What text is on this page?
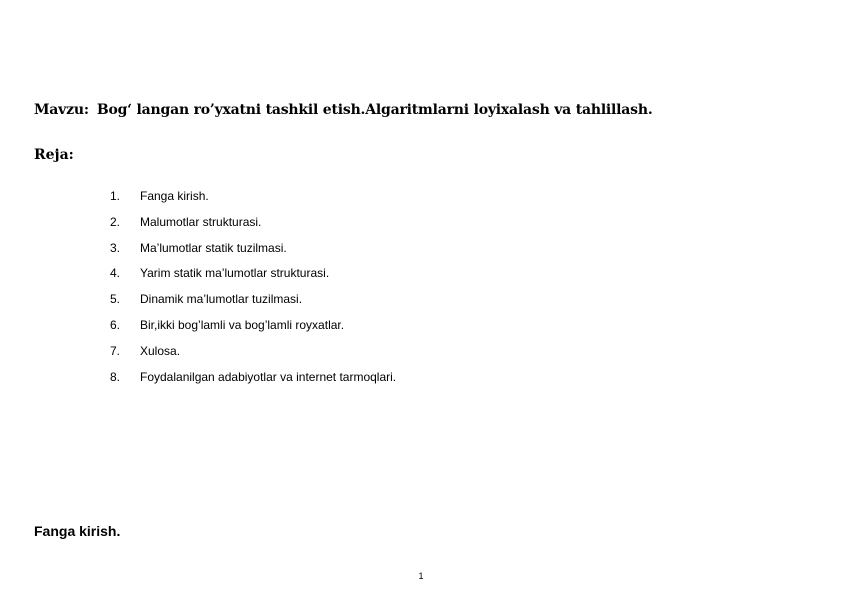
Mavzu: Bog‘ langan ro’yxatni tashkil etish.Algaritmlarni loyixalash va tahlillash.
Reja:
1.	Fanga kirish.
2.	Malumotlar strukturasi.
3.	Ma’lumotlar statik tuzilmasi.
4.	Yarim statik ma’lumotlar strukturasi.
5.	Dinamik ma’lumotlar tuzilmasi.
6.	Bir,ikki bog’lamli va bog’lamli royxatlar.
7.	Xulosa.
8.	Foydalanilgan adabiyotlar va internet tarmoqlari.
Fanga kirish.
1
